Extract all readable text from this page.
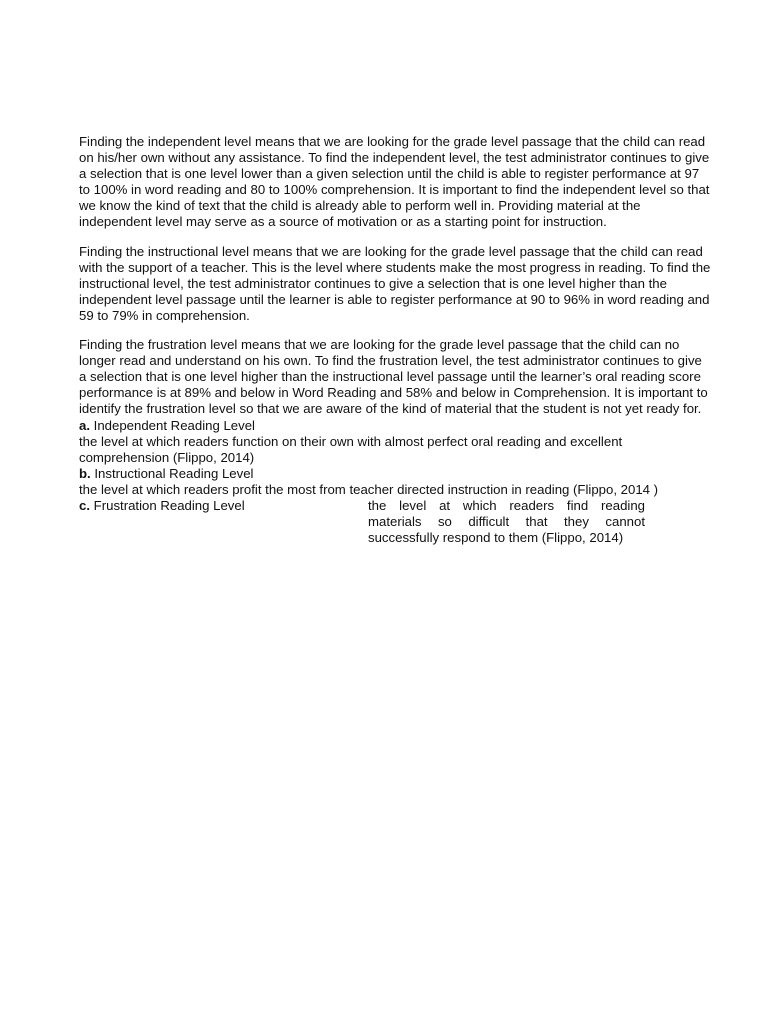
Finding the independent level means that we are looking for the grade level passage that the child can read on his/her own without any assistance. To find the independent level, the test administrator continues to give a selection that is one level lower than a given selection until the child is able to register performance at 97 to 100% in word reading and 80 to 100% comprehension. It is important to find the independent level so that we know the kind of text that the child is already able to perform well in. Providing material at the independent level may serve as a source of motivation or as a starting point for instruction.

Finding the instructional level means that we are looking for the grade level passage that the child can read with the support of a teacher. This is the level where students make the most progress in reading. To find the instructional level, the test administrator continues to give a selection that is one level higher than the independent level passage until the learner is able to register performance at 90 to 96% in word reading and 59 to 79% in comprehension.

Finding the frustration level means that we are looking for the grade level passage that the child can no longer read and understand on his own. To find the frustration level, the test administrator continues to give a selection that is one level higher than the instructional level passage until the learner’s oral reading score performance is at 89% and below in Word Reading and 58% and below in Comprehension. It is important to identify the frustration level so that we are aware of the kind of material that the student is not yet ready for.

a. Independent Reading Level
the level at which readers function on their own with almost perfect oral reading and excellent comprehension (Flippo, 2014)
b. Instructional Reading Level
the level at which readers profit the most from teacher directed instruction in reading (Flippo, 2014 )
c. Frustration Reading Level	the level at which readers find reading materials so difficult that they cannot successfully respond to them (Flippo, 2014)
